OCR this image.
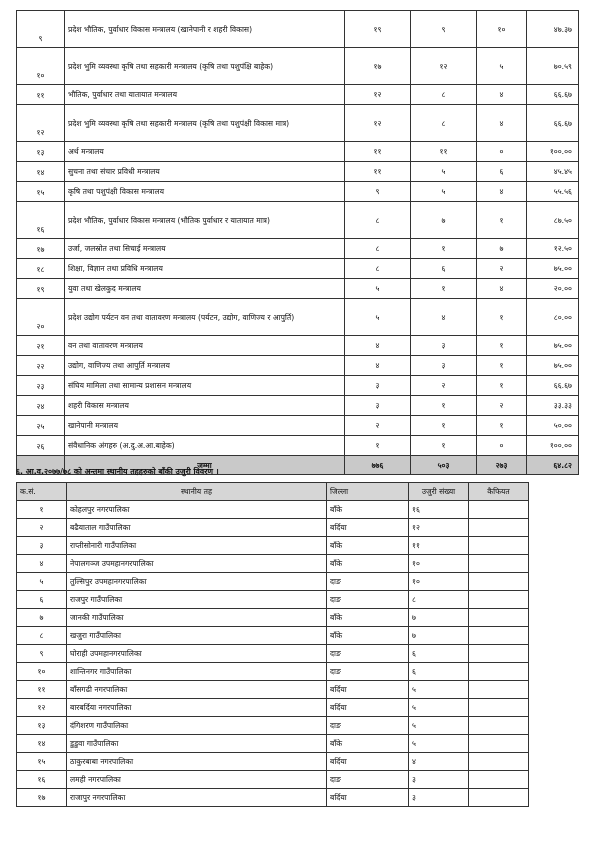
९	प्रदेश भौतिक, पुर्वाधार विकास मन्त्रालय (खानेपानी र शहरी विकास)	१९	९	१०	४७.३७
१०	प्रदेश भुमि व्यवस्था कृषि तथा सहकारी मन्त्रालय (कृषि तथा पशुपंक्षि बाहेक)	१७	१२	५	७०.५९
११	भौतिक, पुर्वाधार तथा यातायात मन्त्रालय	१२	८	४	६६.६७
१२	प्रदेश भुमि व्यवस्था कृषि तथा सहकारी मन्त्रालय (कृषि तथा पशुपंक्षी विकास मात्र)	१२	८	४	६६.६७
१३	अर्थ मन्त्रालय	११	११	०	१००.००
१४	सुचना तथा संचार प्रविधी मन्त्रालय	११	५	६	४५.४५
१५	कृषि तथा पशुपंक्षी विकास मन्त्रालय	९	५	४	५५.५६
१६	प्रदेश भौतिक, पुर्वाधार विकास मन्त्रालय (भौतिक पुर्वाधार र यातायात मात्र)	८	७	१	८७.५०
१७	उर्जा, जलस्रोत तथा सिचाई मन्त्रालय	८	१	७	१२.५०
१८	शिक्षा, विज्ञान तथा प्रविधि मन्त्रालय	८	६	२	७५.००
१९	युवा तथा खेलकुद मन्त्रालय	५	१	४	२०.००
२०	प्रदेश उद्योग पर्यटन वन तथा वातावरण मन्त्रालय (पर्यटन, उद्योग, वाणिज्य र आपुर्ति)	५	४	१	८०.००
२१	वन तथा वातावरण मन्त्रालय	४	३	१	७५.००
२२	उद्योग, वाणिज्य तथा आपुर्ति मन्त्रालय	४	३	१	७५.००
२३	संघिय मामिला तथा सामान्य प्रशासन मन्त्रालय	३	२	१	६६.६७
२४	शहरी विकास मन्त्रालय	३	१	२	३३.३३
२५	खानेपानी मन्त्रालय	२	१	१	५०.००
२६	संवैधानिक अंगहरु (अ.दु.अ.आ.बाहेक)	१	१	०	१००.००
	जम्मा	७७६	५०३	२७३	६४.८२

६. आ.व.२०७७/७८ को अन्तमा स्थानीय तहहरुको बाँकी उजुरी विवरण ।

क.सं.	स्थानीय तह	जिल्ला	उजुरी संख्या	कैफियत
१	कोहलपुर नगरपालिका	बाँके	१६	
२	बढैयाताल गाउँपालिका	बर्दिया	१२	
३	राप्तीसोनारी गाउँपालिका	बाँके	११	
४	नेपालगञ्ज उपमहानगरपालिका	बाँके	१०	
५	तुल्सिपुर उपमहानगरपालिका	दाङ	१०	
६	राजपुर गाउँपालिका	दाङ	८	
७	जानकी गाउँपालिका	बाँके	७	
८	खजुरा गाउँपालिका	बाँके	७	
९	घोराही उपमहानगरपालिका	दाङ	६	
१०	शान्तिनगर गाउँपालिका	दाङ	६	
११	बाँसगढी नगरपालिका	बर्दिया	५	
१२	बारबर्दिया नगरपालिका	बर्दिया	५	
१३	दंगिशरण गाउँपालिका	दाङ	५	
१४	डुडुवा गाउँपालिका	बाँके	५	
१५	ठाकुरबाबा नगरपालिका	बर्दिया	४	
१६	लमही नगरपालिका	दाङ	३	
१७	राजापुर नगरपालिका	बर्दिया	३	
